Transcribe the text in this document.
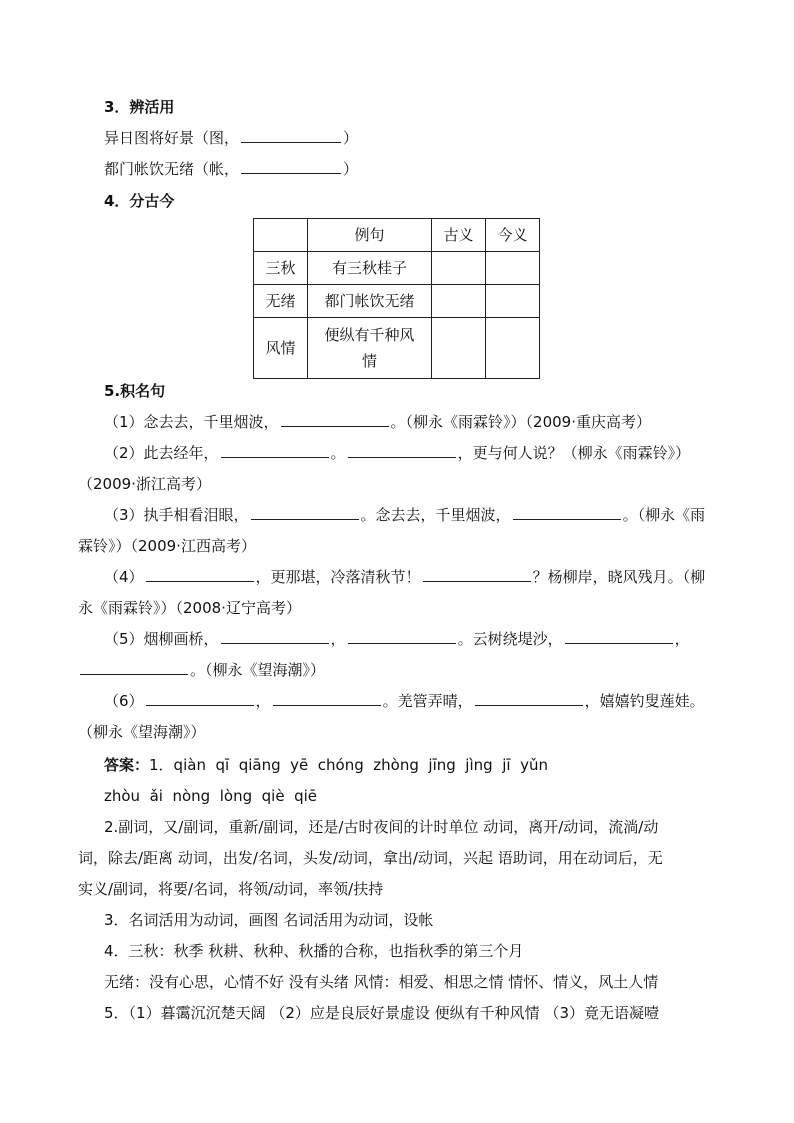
3．辨活用
异日图将好景（图，	）
都门帐饮无绪（帐，	）
4．分古今
	例句	古义	今义
三秋	有三秋桂子		
无绪	都门帐饮无绪		
风情	便纵有千种风情		
5.积名句
（1）念去去，千里烟波，	。（柳永《雨霖铃》）（2009·重庆高考）
（2）此去经年，	。	，更与何人说？（柳永《雨霖铃》）
（2009·浙江高考）
（3）执手相看泪眼，	。念去去，千里烟波，	。（柳永《雨
霖铃》）（2009·江西高考）
（4）	，更那堪，冷落清秋节！	？杨柳岸，晓风残月。（柳
永《雨霖铃》）（2008·辽宁高考）
（5）烟柳画桥，	，	。云树绕堤沙，	，
。（柳永《望海潮》）
（6）	，	。羌管弄晴，	，嬉嬉钓叟莲娃。
（柳永《望海潮》）
答案：1．qiàn  qī  qiāng  yē  chóng  zhòng  jīng  jìng  jī  yǔn
zhòu  ǎi  nòng  lòng  qiè  qiē
2.副词，又/副词，重新/副词，还是/古时夜间的计时单位 动词，离开/动词，流淌/动
词，除去/距离 动词，出发/名词，头发/动词，拿出/动词，兴起 语助词，用在动词后，无
实义/副词，将要/名词，将领/动词，率领/扶持
3．名词活用为动词，画图 名词活用为动词，设帐
4．三秋：秋季 秋耕、秋种、秋播的合称，也指秋季的第三个月
无绪：没有心思，心情不好 没有头绪 风情：相爱、相思之情 情怀、情义，风土人情
5．（1）暮霭沉沉楚天阔 （2）应是良辰好景虚设 便纵有千种风情 （3）竟无语凝噎
